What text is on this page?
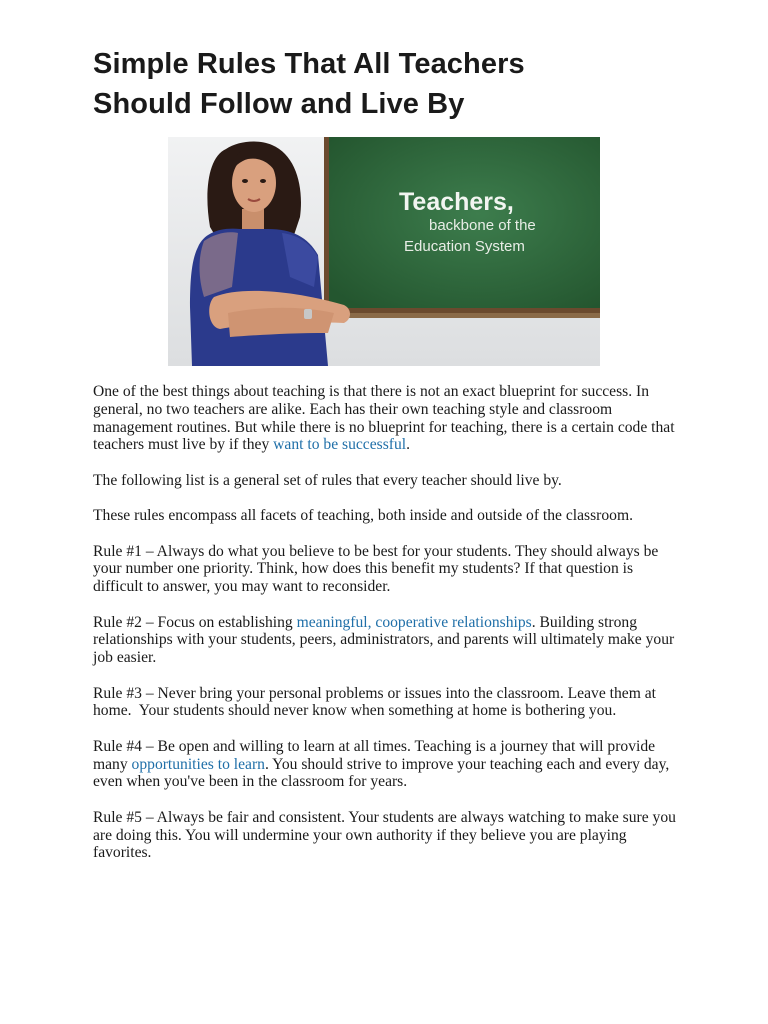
Simple Rules That All Teachers
Should Follow and Live By
Teachers,
backbone of the
Education System

One of the best things about teaching is that there is not an exact blueprint for success. In general, no two teachers are alike. Each has their own teaching style and classroom management routines. But while there is no blueprint for teaching, there is a certain code that teachers must live by if they want to be successful.

The following list is a general set of rules that every teacher should live by.

These rules encompass all facets of teaching, both inside and outside of the classroom.

Rule #1 – Always do what you believe to be best for your students. They should always be your number one priority. Think, how does this benefit my students? If that question is difficult to answer, you may want to reconsider.

Rule #2 – Focus on establishing meaningful, cooperative relationships. Building strong relationships with your students, peers, administrators, and parents will ultimately make your job easier.

Rule #3 – Never bring your personal problems or issues into the classroom. Leave them at home.  Your students should never know when something at home is bothering you.

Rule #4 – Be open and willing to learn at all times. Teaching is a journey that will provide many opportunities to learn. You should strive to improve your teaching each and every day, even when you've been in the classroom for years.

Rule #5 – Always be fair and consistent. Your students are always watching to make sure you are doing this. You will undermine your own authority if they believe you are playing favorites.
